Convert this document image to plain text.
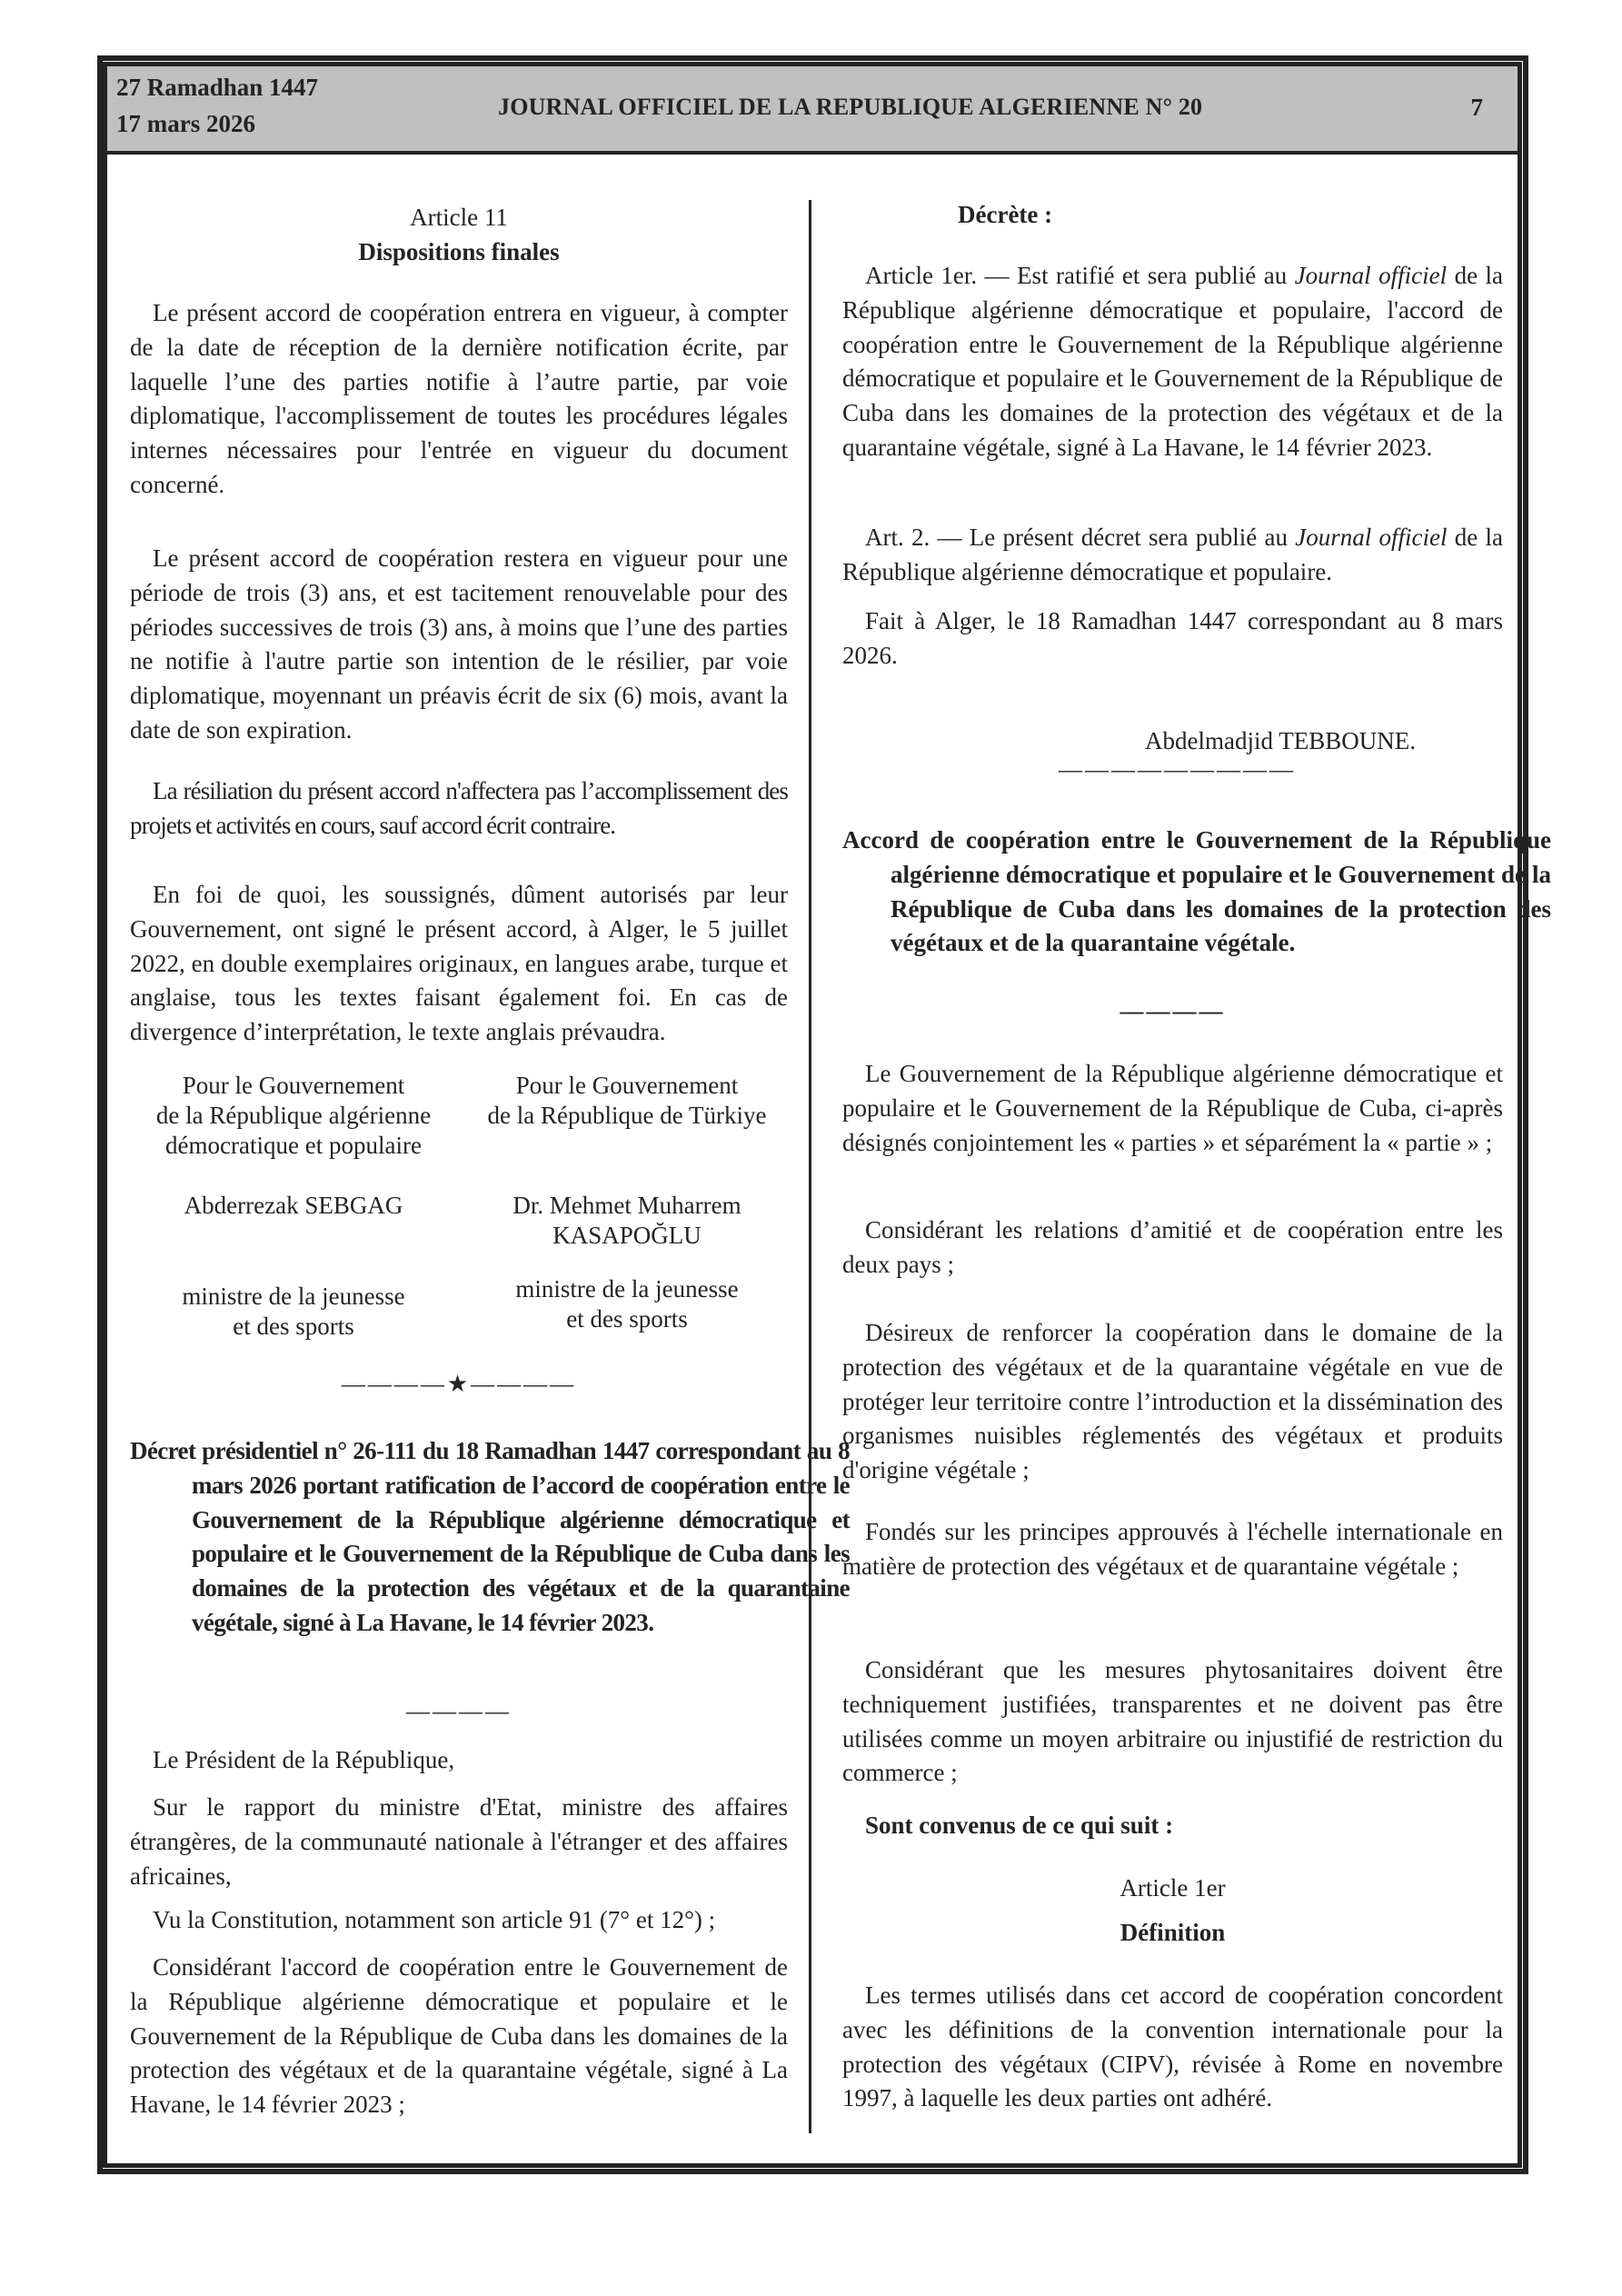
27 Ramadhan 1447
17 mars 2026
JOURNAL OFFICIEL DE LA REPUBLIQUE ALGERIENNE N° 20	7
Article 11
Dispositions finales
Le présent accord de coopération entrera en vigueur, à compter de la date de réception de la dernière notification écrite, par laquelle l’une des parties notifie à l’autre partie, par voie diplomatique, l'accomplissement de toutes les procédures légales internes nécessaires pour l'entrée en vigueur du document concerné.
Le présent accord de coopération restera en vigueur pour une période de trois (3) ans, et est tacitement renouvelable pour des périodes successives de trois (3) ans, à moins que l’une des parties ne notifie à l'autre partie son intention de le résilier, par voie diplomatique, moyennant un préavis écrit de six (6) mois, avant la date de son expiration.
La résiliation du présent accord n'affectera pas l’accomplissement des projets et activités en cours, sauf accord écrit contraire.
En foi de quoi, les soussignés, dûment autorisés par leur Gouvernement, ont signé le présent accord, à Alger, le 5 juillet 2022, en double exemplaires originaux, en langues arabe, turque et anglaise, tous les textes faisant également foi. En cas de divergence d’interprétation, le texte anglais prévaudra.
Pour le Gouvernement
de la République algérienne
démocratique et populaire
Pour le Gouvernement
de la République de Türkiye
Abderrezak SEBGAG	Dr. Mehmet Muharrem
KASAPOĞLU
ministre de la jeunesse
et des sports
ministre de la jeunesse
et des sports
————★————
Décret présidentiel n° 26-111 du 18 Ramadhan 1447 correspondant au 8 mars 2026 portant ratification de l’accord de coopération entre le Gouvernement de la République algérienne démocratique et populaire et le Gouvernement de la République de Cuba dans les domaines de la protection des végétaux et de la quarantaine végétale, signé à La Havane, le 14 février 2023.
————
Le Président de la République,
Sur le rapport du ministre d'Etat, ministre des affaires étrangères, de la communauté nationale à l'étranger et des affaires africaines,
Vu la Constitution, notamment son article 91 (7° et 12°) ;
Considérant l'accord de coopération entre le Gouvernement de la République algérienne démocratique et populaire et le Gouvernement de la République de Cuba dans les domaines de la protection des végétaux et de la quarantaine végétale, signé à La Havane, le 14 février 2023 ;
Décrète :
Article 1er. — Est ratifié et sera publié au Journal officiel de la République algérienne démocratique et populaire, l'accord de coopération entre le Gouvernement de la République algérienne démocratique et populaire et le Gouvernement de la République de Cuba dans les domaines de la protection des végétaux et de la quarantaine végétale, signé à La Havane, le 14 février 2023.
Art. 2. — Le présent décret sera publié au Journal officiel de la République algérienne démocratique et populaire.
Fait à Alger, le 18 Ramadhan 1447 correspondant au 8 mars 2026.
Abdelmadjid TEBBOUNE.
—————————
Accord de coopération entre le Gouvernement de la République algérienne démocratique et populaire et le Gouvernement de la République de Cuba dans les domaines de la protection des végétaux et de la quarantaine végétale.
————
Le Gouvernement de la République algérienne démocratique et populaire et le Gouvernement de la République de Cuba, ci-après désignés conjointement les « parties » et séparément la « partie » ;
Considérant les relations d’amitié et de coopération entre les deux pays ;
Désireux de renforcer la coopération dans le domaine de la protection des végétaux et de la quarantaine végétale en vue de protéger leur territoire contre l’introduction et la dissémination des organismes nuisibles réglementés des végétaux et produits d'origine végétale ;
Fondés sur les principes approuvés à l'échelle internationale en matière de protection des végétaux et de quarantaine végétale ;
Considérant que les mesures phytosanitaires doivent être techniquement justifiées, transparentes et ne doivent pas être utilisées comme un moyen arbitraire ou injustifié de restriction du commerce ;
Sont convenus de ce qui suit :
Article 1er
Définition
Les termes utilisés dans cet accord de coopération concordent avec les définitions de la convention internationale pour la protection des végétaux (CIPV), révisée à Rome en novembre 1997, à laquelle les deux parties ont adhéré.
